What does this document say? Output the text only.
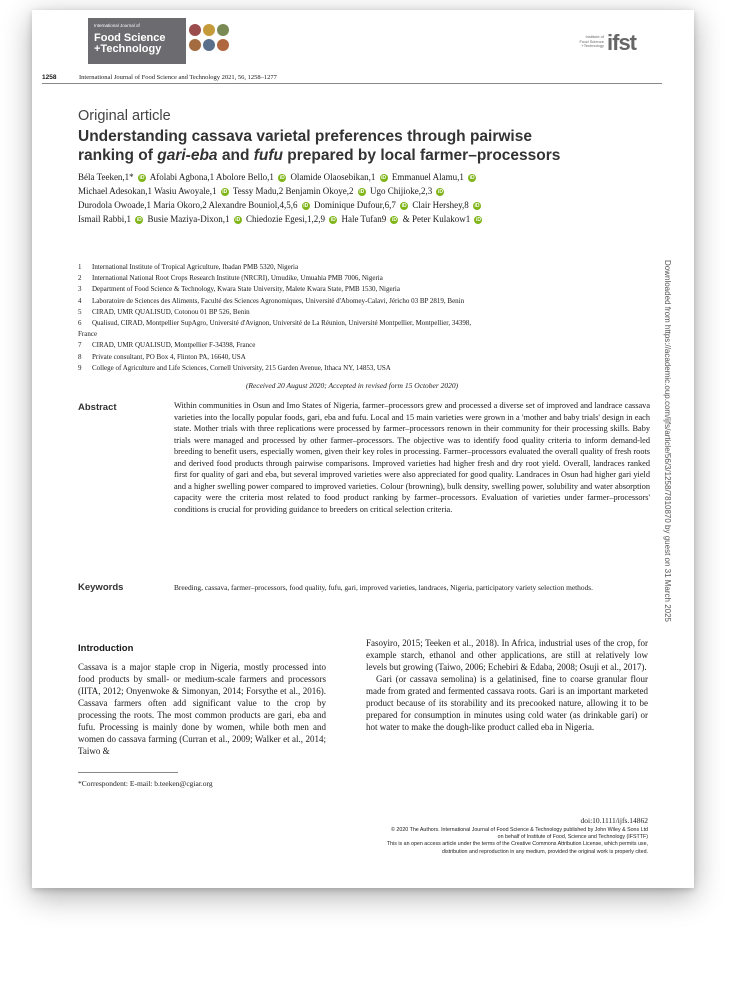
International Journal of
Food Science
+Technology
Institute of
Food Science
+Technology ifst
1258	International Journal of Food Science and Technology 2021, 56, 1258–1277
Original article
Understanding cassava varietal preferences through pairwise
ranking of gari-eba and fufu prepared by local farmer–processors
Béla Teeken,1* iD Afolabi Agbona,1 Abolore Bello,1 iD Olamide Olaosebikan,1 iD Emmanuel Alamu,1 iD
Michael Adesokan,1 Wasiu Awoyale,1 iD Tessy Madu,2 Benjamin Okoye,2 iD Ugo Chijioke,2,3 iD
Durodola Owoade,1 Maria Okoro,2 Alexandre Bouniol,4,5,6 iD Dominique Dufour,6,7 iD Clair Hershey,8 iD
Ismail Rabbi,1 iD Busie Maziya-Dixon,1 iD Chiedozie Egesi,1,2,9 iD Hale Tufan9 iD & Peter Kulakow1 iD
1 International Institute of Tropical Agriculture, Ibadan PMB 5320, Nigeria
2 International National Root Crops Research Institute (NRCRI), Umudike, Umuahia PMB 7006, Nigeria
3 Department of Food Science & Technology, Kwara State University, Malete Kwara State, PMB 1530, Nigeria
4 Laboratoire de Sciences des Aliments, Faculté des Sciences Agronomiques, Université d'Abomey-Calavi, Jéricho 03 BP 2819, Benin
5 CIRAD, UMR QUALISUD, Cotonou 01 BP 526, Benin
6 Qualisud, CIRAD, Montpellier SupAgro, Université d'Avignon, Université de La Réunion, Université Montpellier, Montpellier, 34398,
France
7 CIRAD, UMR QUALISUD, Montpellier F-34398, France
8 Private consultant, PO Box 4, Flinton PA, 16640, USA
9 College of Agriculture and Life Sciences, Cornell University, 215 Garden Avenue, Ithaca NY, 14853, USA
(Received 20 August 2020; Accepted in revised form 15 October 2020)
Abstract	Within communities in Osun and Imo States of Nigeria, farmer–processors grew and processed a diverse set of improved and landrace cassava varieties into the locally popular foods, gari, eba and fufu. Local and 15 main varieties were grown in a 'mother and baby trials' design in each state. Mother trials with three replications were processed by farmer–processors renown in their community for their processing skills. Baby trials were managed and processed by other farmer–processors. The objective was to identify food quality criteria to inform demand-led breeding to benefit users, especially women, given their key roles in processing. Farmer–processors evaluated the overall quality of fresh roots and derived food products through pairwise comparisons. Improved varieties had higher fresh and dry root yield. Overall, landraces ranked first for quality of gari and eba, but several improved varieties were also appreciated for good quality. Landraces in Osun had higher gari yield and a higher swelling power compared to improved varieties. Colour (browning), bulk density, swelling power, solubility and water absorption capacity were the criteria most related to food product ranking by farmer–processors. Evaluation of varieties under farmer–processors' conditions is crucial for providing guidance to breeders on critical selection criteria.
Keywords	Breeding, cassava, farmer–processors, food quality, fufu, gari, improved varieties, landraces, Nigeria, participatory variety selection methods.
Introduction
Cassava is a major staple crop in Nigeria, mostly processed into food products by small- or medium-scale farmers and processors (IITA, 2012; Onyenwoke & Simonyan, 2014; Forsythe et al., 2016). Cassava farmers often add significant value to the crop by processing the roots. The most common products are gari, eba and fufu. Processing is mainly done by women, while both men and women do cassava farming (Curran et al., 2009; Walker et al., 2014; Taiwo &

Fasoyiro, 2015; Teeken et al., 2018). In Africa, industrial uses of the crop, for example starch, ethanol and other applications, are still at relatively low levels but growing (Taiwo, 2006; Echebiri & Edaba, 2008; Osuji et al., 2017).

Gari (or cassava semolina) is a gelatinised, fine to coarse granular flour made from grated and fermented cassava roots. Gari is an important marketed product because of its storability and its precooked nature, allowing it to be prepared for consumption in minutes using cold water (as drinkable gari) or hot water to make the dough-like product called eba in Nigeria.

*Correspondent: E-mail: b.teeken@cgiar.org
doi:10.1111/ijfs.14862
© 2020 The Authors. International Journal of Food Science & Technology published by John Wiley & Sons Ltd
on behalf of Institute of Food, Science and Technology (IFSTTF)
This is an open access article under the terms of the Creative Commons Attribution License, which permits use,
distribution and reproduction in any medium, provided the original work is properly cited.
Downloaded from https://academic.oup.com/ijfs/article/56/3/1258/7810870 by guest on 31 March 2025
